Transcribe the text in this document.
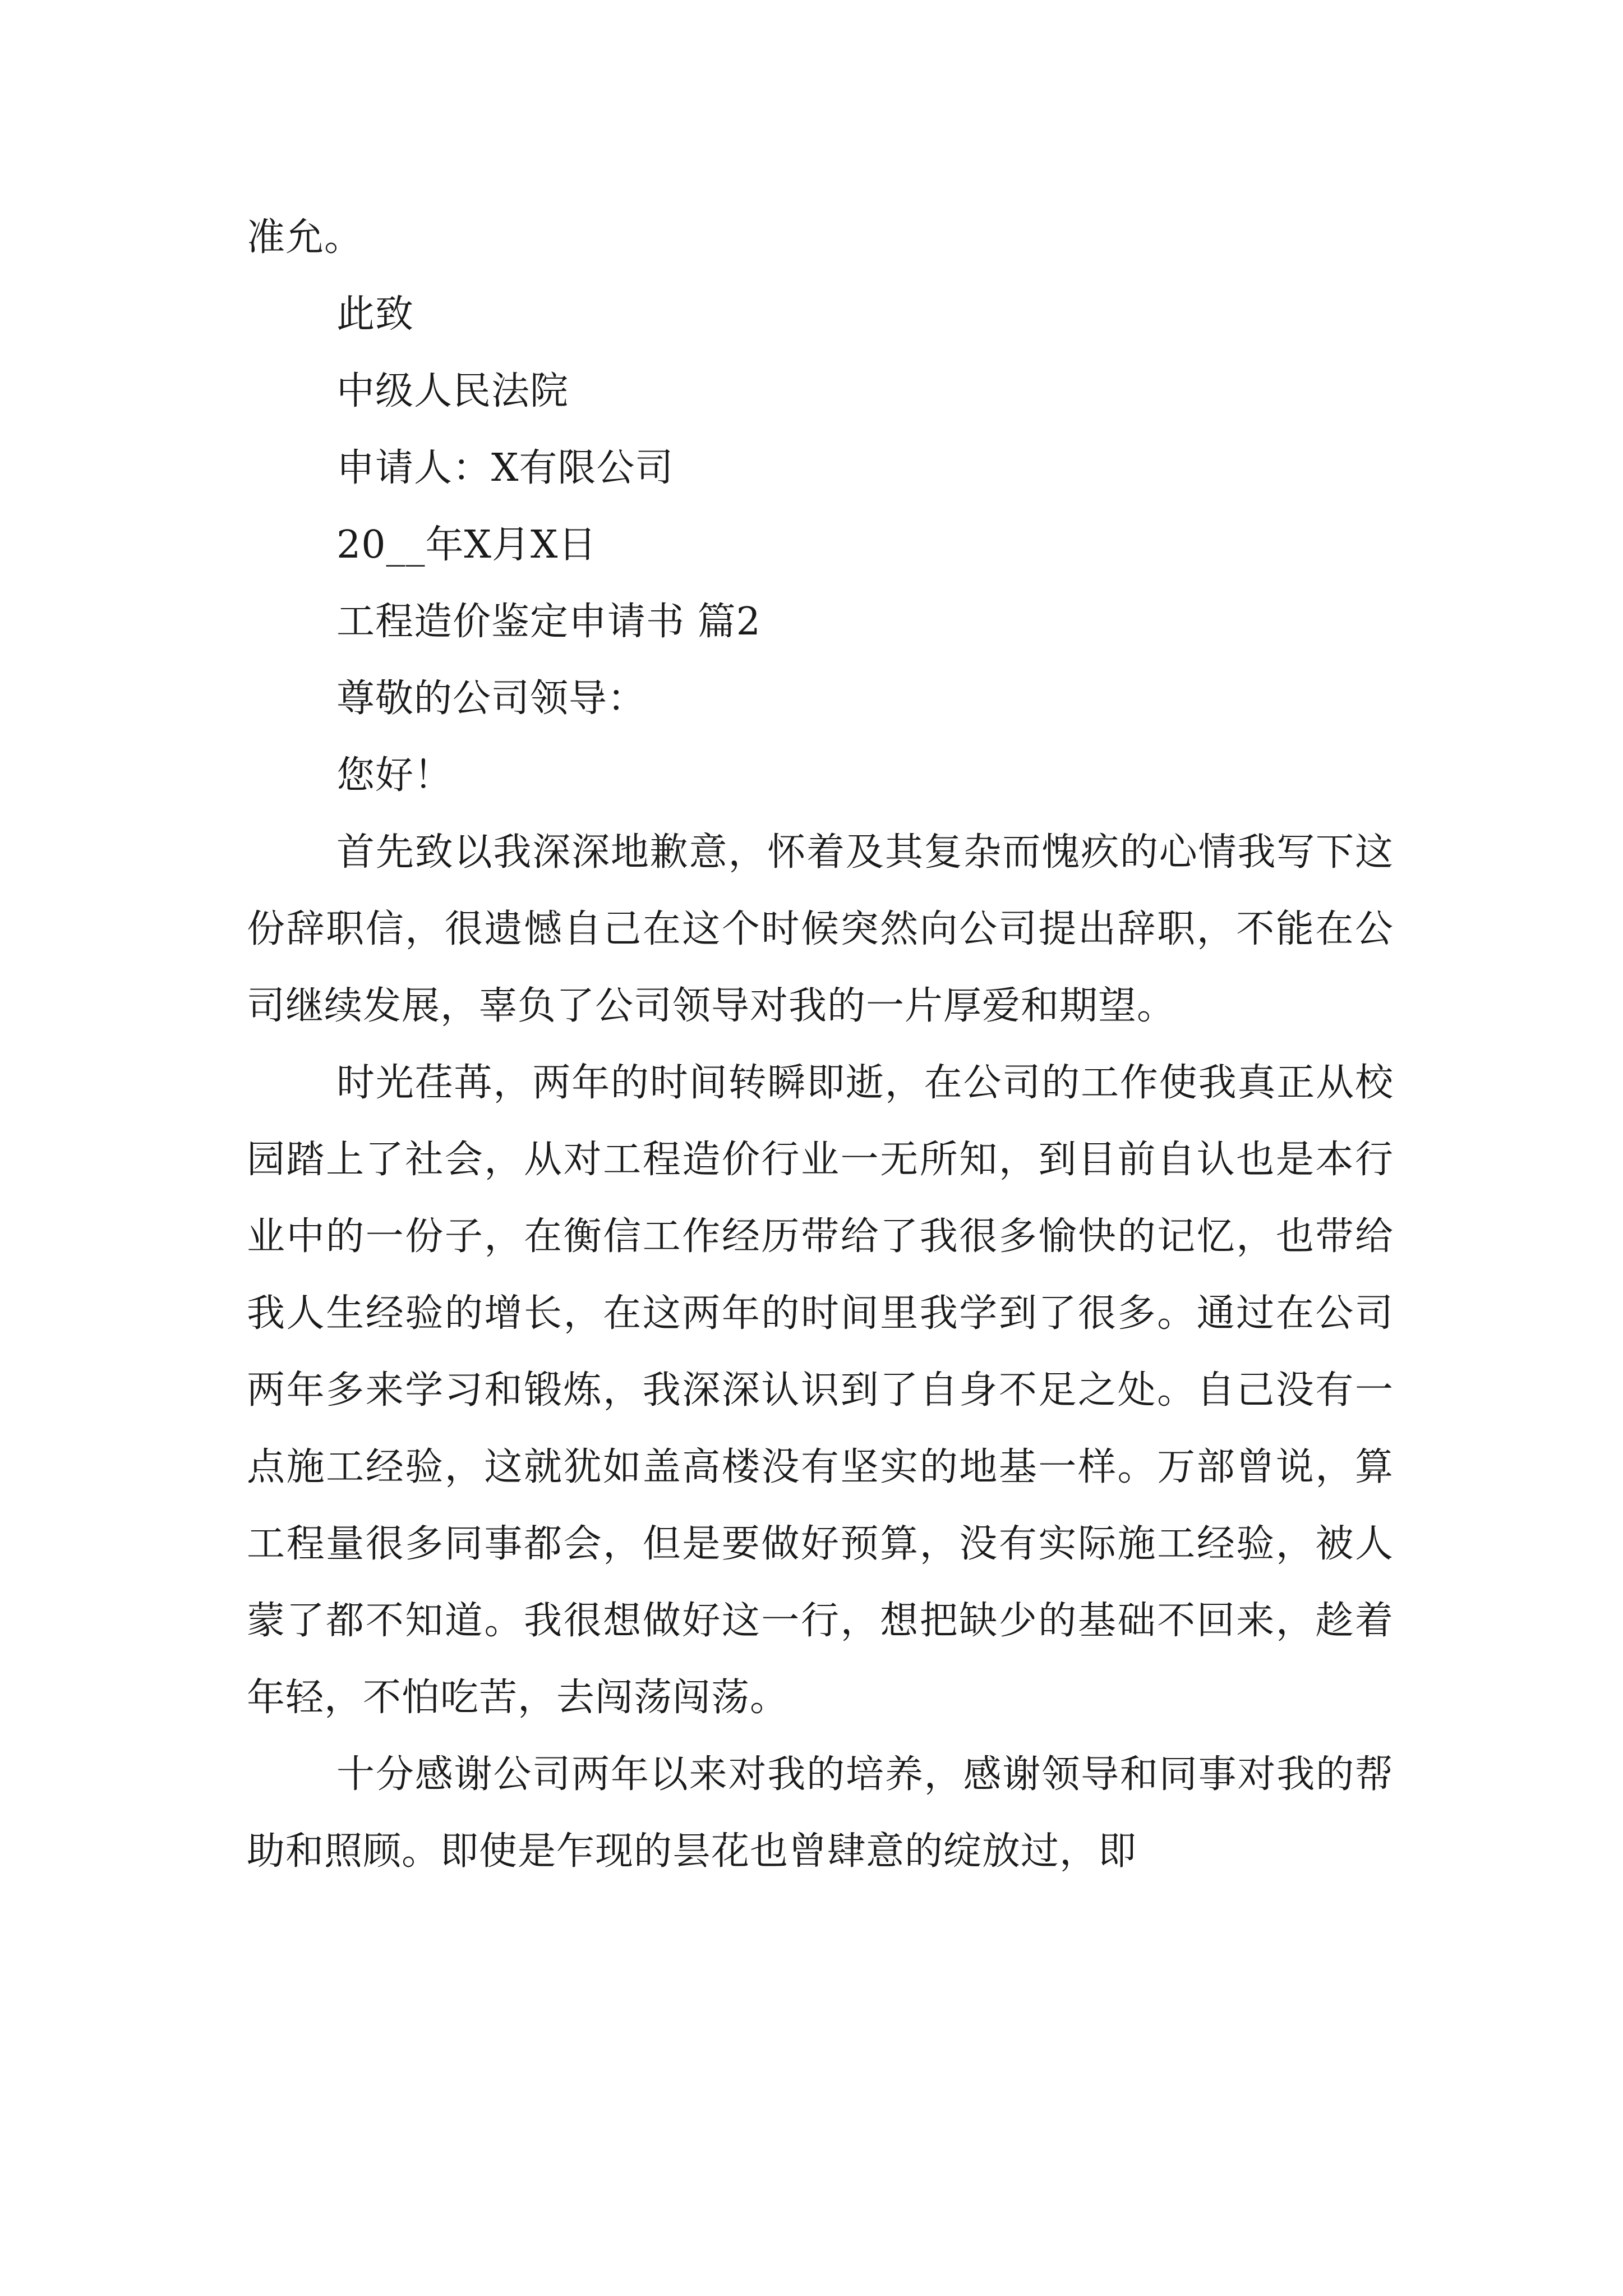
准允。
此致
中级人民法院
申请人：X有限公司
20__年X月X日
工程造价鉴定申请书 篇2
尊敬的公司领导：
您好！

首先致以我深深地歉意，怀着及其复杂而愧疚的心情我写下这份辞职信，很遗憾自己在这个时候突然向公司提出辞职，不能在公司继续发展，辜负了公司领导对我的一片厚爱和期望。

时光荏苒，两年的时间转瞬即逝，在公司的工作使我真正从校园踏上了社会，从对工程造价行业一无所知，到目前自认也是本行业中的一份子，在衡信工作经历带给了我很多愉快的记忆，也带给我人生经验的增长，在这两年的时间里我学到了很多。通过在公司两年多来学习和锻炼，我深深认识到了自身不足之处。自己没有一点施工经验，这就犹如盖高楼没有坚实的地基一样。万部曾说，算工程量很多同事都会，但是要做好预算，没有实际施工经验，被人蒙了都不知道。我很想做好这一行，想把缺少的基础不回来，趁着年轻，不怕吃苦，去闯荡闯荡。

十分感谢公司两年以来对我的培养，感谢领导和同事对我的帮助和照顾。即使是乍现的昙花也曾肆意的绽放过，即
